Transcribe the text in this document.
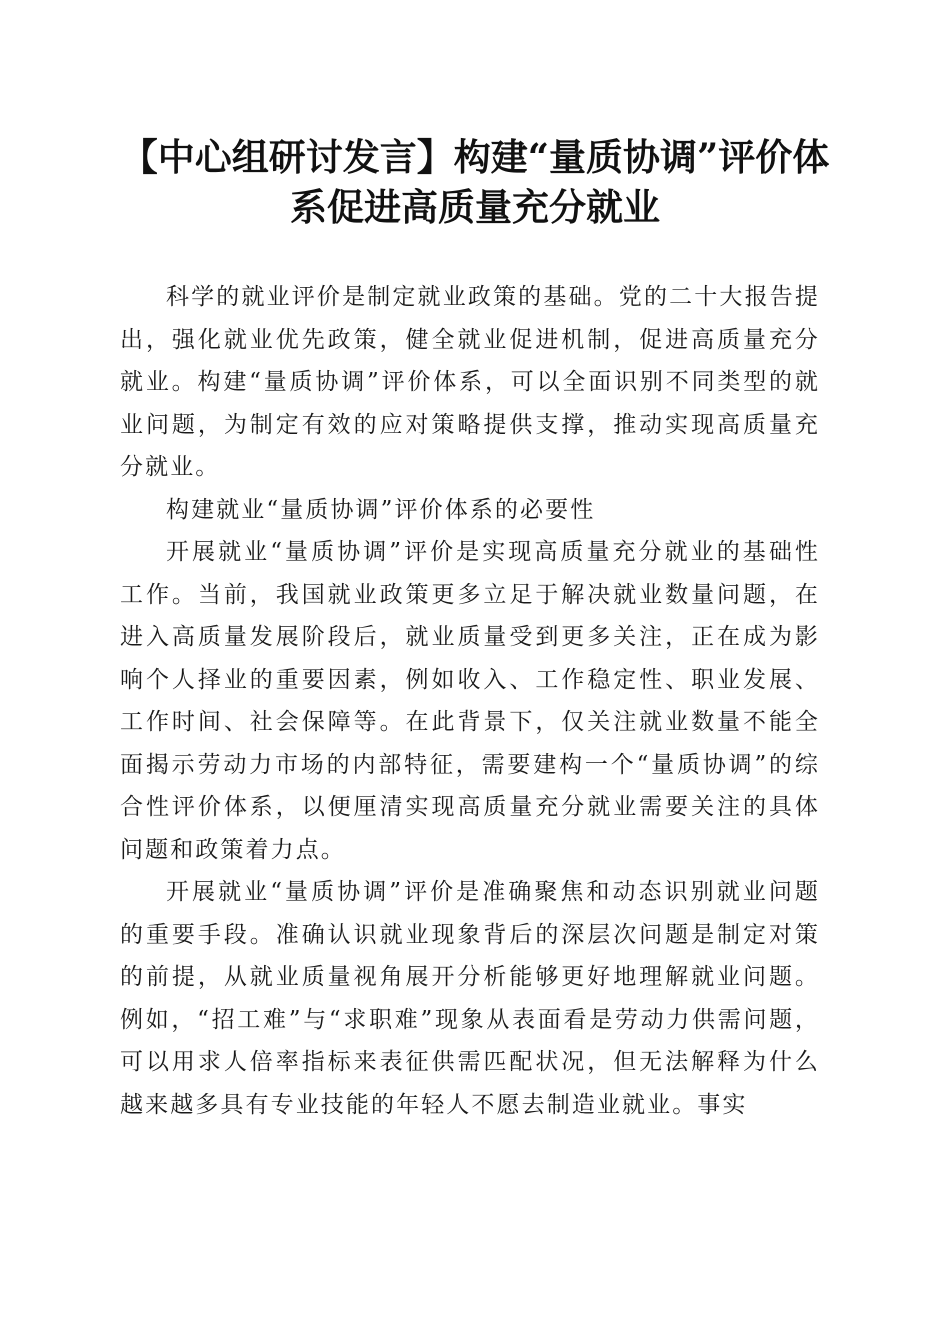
【中心组研讨发言】构建“量质协调”评价体系促进高质量充分就业

科学的就业评价是制定就业政策的基础。党的二十大报告提出，强化就业优先政策，健全就业促进机制，促进高质量充分就业。构建“量质协调”评价体系，可以全面识别不同类型的就业问题，为制定有效的应对策略提供支撑，推动实现高质量充分就业。

构建就业“量质协调”评价体系的必要性

开展就业“量质协调”评价是实现高质量充分就业的基础性工作。当前，我国就业政策更多立足于解决就业数量问题，在进入高质量发展阶段后，就业质量受到更多关注，正在成为影响个人择业的重要因素，例如收入、工作稳定性、职业发展、工作时间、社会保障等。在此背景下，仅关注就业数量不能全面揭示劳动力市场的内部特征，需要建构一个“量质协调”的综合性评价体系，以便厘清实现高质量充分就业需要关注的具体问题和政策着力点。

开展就业“量质协调”评价是准确聚焦和动态识别就业问题的重要手段。准确认识就业现象背后的深层次问题是制定对策的前提，从就业质量视角展开分析能够更好地理解就业问题。例如，“招工难”与“求职难”现象从表面看是劳动力供需问题，可以用求人倍率指标来表征供需匹配状况，但无法解释为什么越来越多具有专业技能的年轻人不愿去制造业就业。事实
